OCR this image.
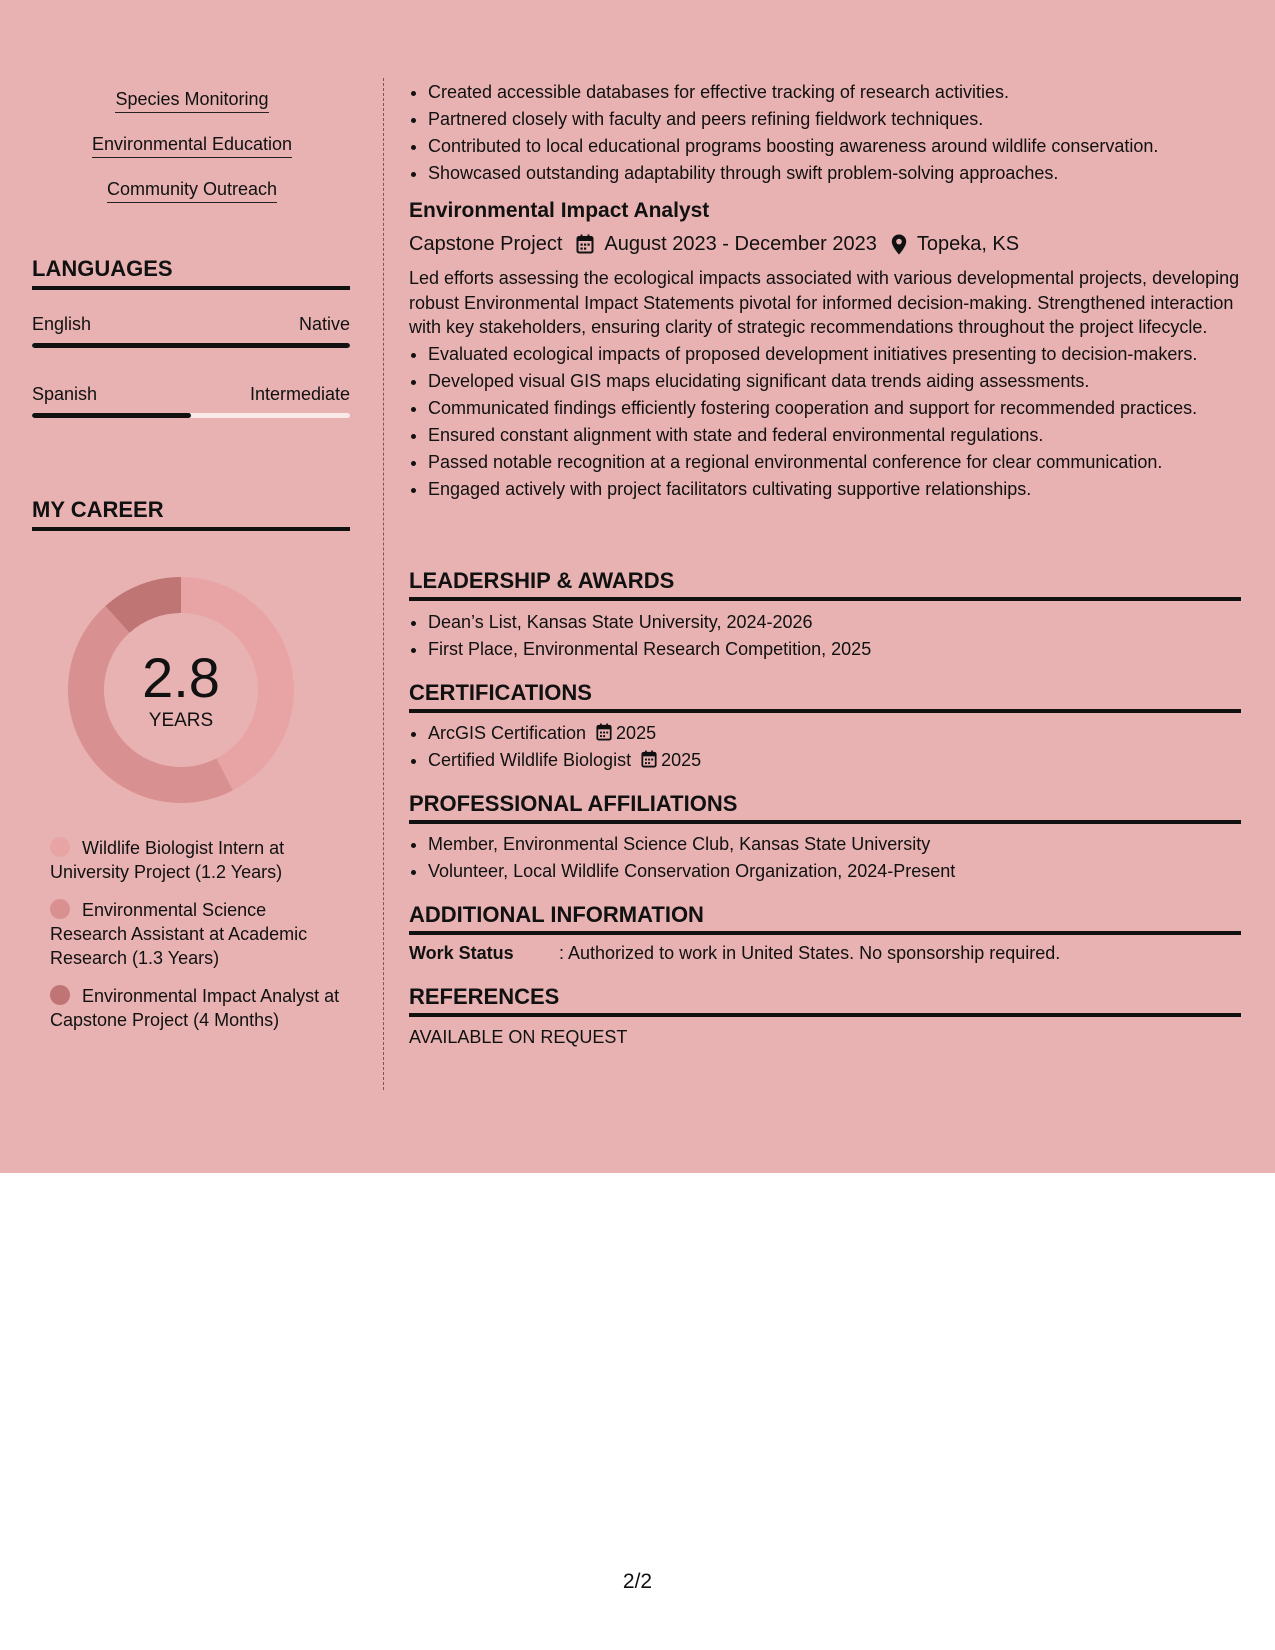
Species Monitoring
Environmental Education
Community Outreach
LANGUAGES
English	Native
Spanish	Intermediate
MY CAREER
2.8
YEARS
Wildlife Biologist Intern at University Project (1.2 Years)
Environmental Science Research Assistant at Academic Research (1.3 Years)
Environmental Impact Analyst at Capstone Project (4 Months)
• Created accessible databases for effective tracking of research activities.
• Partnered closely with faculty and peers refining fieldwork techniques.
• Contributed to local educational programs boosting awareness around wildlife conservation.
• Showcased outstanding adaptability through swift problem-solving approaches.
Environmental Impact Analyst
Capstone Project August 2023 - December 2023 Topeka, KS
Led efforts assessing the ecological impacts associated with various developmental projects, developing robust Environmental Impact Statements pivotal for informed decision-making. Strengthened interaction with key stakeholders, ensuring clarity of strategic recommendations throughout the project lifecycle.
• Evaluated ecological impacts of proposed development initiatives presenting to decision-makers.
• Developed visual GIS maps elucidating significant data trends aiding assessments.
• Communicated findings efficiently fostering cooperation and support for recommended practices.
• Ensured constant alignment with state and federal environmental regulations.
• Passed notable recognition at a regional environmental conference for clear communication.
• Engaged actively with project facilitators cultivating supportive relationships.
LEADERSHIP & AWARDS
• Dean’s List, Kansas State University, 2024-2026
• First Place, Environmental Research Competition, 2025
CERTIFICATIONS
• ArcGIS Certification 2025
• Certified Wildlife Biologist 2025
PROFESSIONAL AFFILIATIONS
• Member, Environmental Science Club, Kansas State University
• Volunteer, Local Wildlife Conservation Organization, 2024-Present
ADDITIONAL INFORMATION
Work Status	: Authorized to work in United States. No sponsorship required.
REFERENCES
AVAILABLE ON REQUEST
2/2
